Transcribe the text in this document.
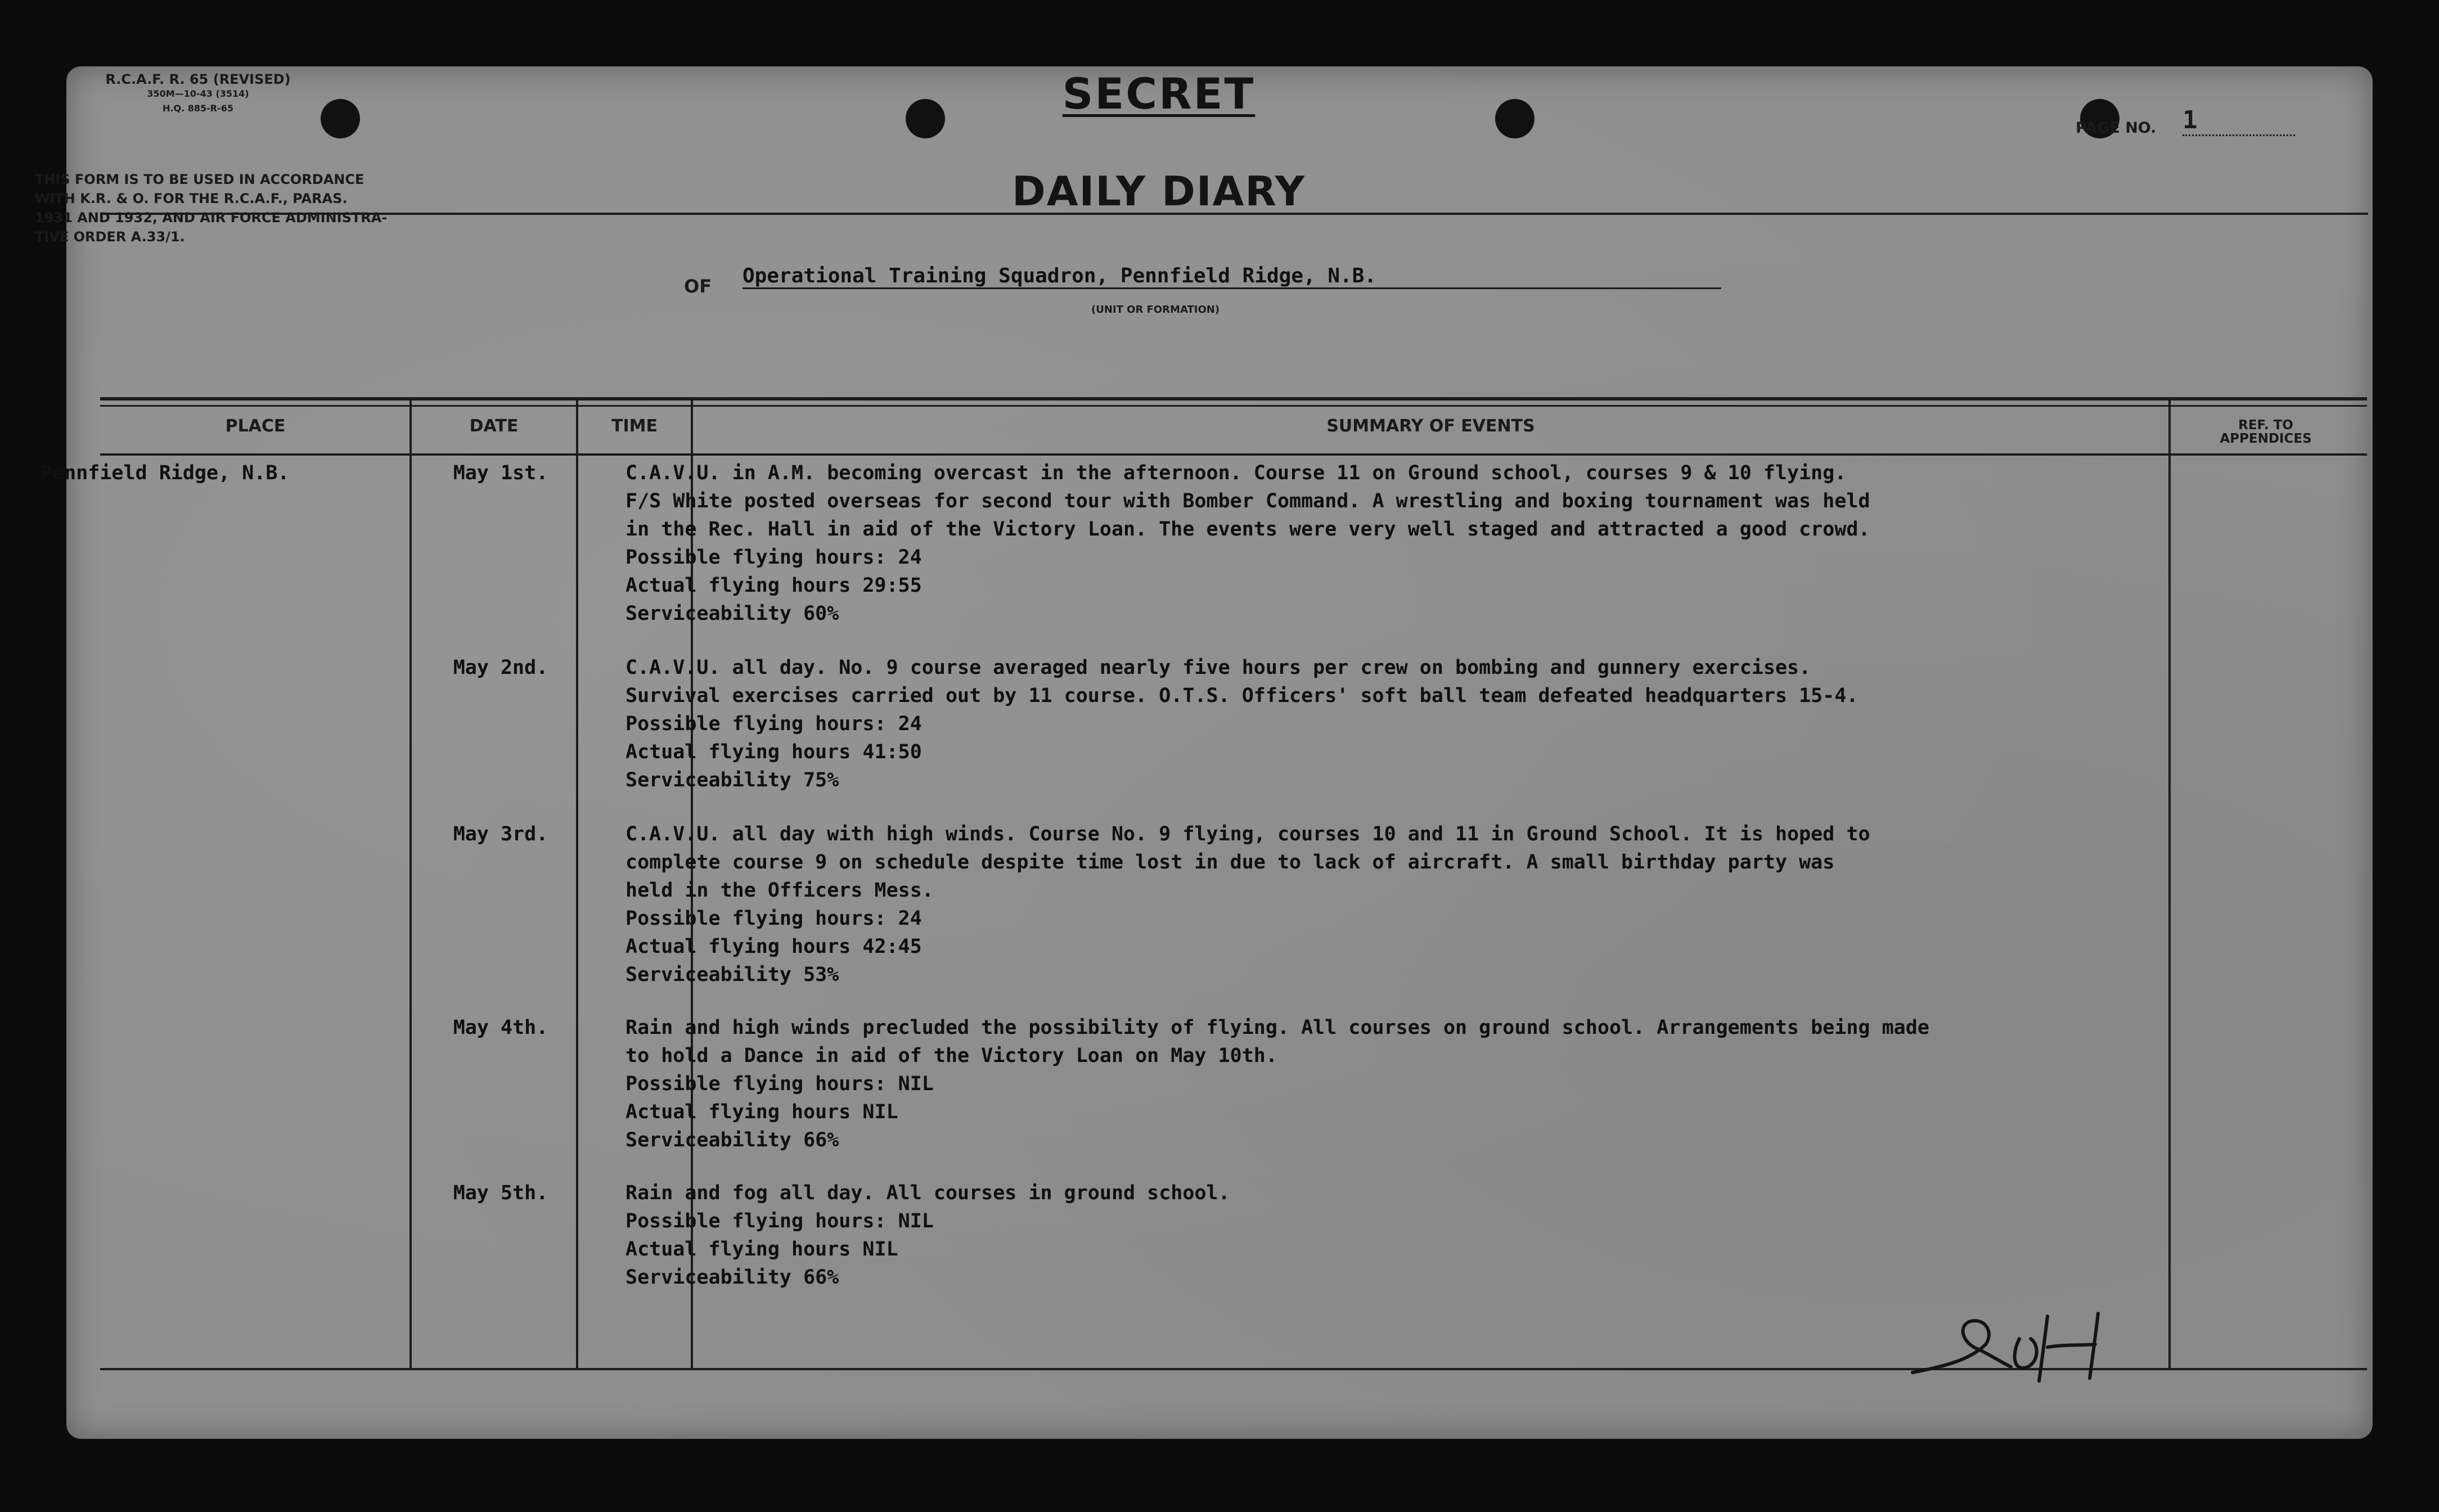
R.C.A.F. R. 65 (REVISED)
350M—10-43 (3514)
H.Q. 885-R-65	SECRET
PAGE NO. 1
THIS FORM IS TO BE USED IN ACCORDANCE
WITH K.R. & O. FOR THE R.C.A.F., PARAS.
1931 AND 1932, AND AIR FORCE ADMINISTRA-
TIVE ORDER A.33/1.
DAILY DIARY
OF Operational Training Squadron, Pennfield Ridge, N.B.
(UNIT OR FORMATION)
PLACE	DATE	TIME	SUMMARY OF EVENTS	REF. TO
APPENDICES
Pennfield Ridge, N.B.	May 1st.	C.A.V.U. in A.M. becoming overcast in the afternoon. Course 11 on Ground school, courses 9 & 10 flying.
F/S White posted overseas for second tour with Bomber Command. A wrestling and boxing tournament was held
in the Rec. Hall in aid of the Victory Loan. The events were very well staged and attracted a good crowd.
Possible flying hours: 24
Actual flying hours 29:55
Serviceability 60%
May 2nd.	C.A.V.U. all day. No. 9 course averaged nearly five hours per crew on bombing and gunnery exercises.
Survival exercises carried out by 11 course. O.T.S. Officers' soft ball team defeated headquarters 15-4.
Possible flying hours: 24
Actual flying hours 41:50
Serviceability 75%
May 3rd.	C.A.V.U. all day with high winds. Course No. 9 flying, courses 10 and 11 in Ground School. It is hoped to
complete course 9 on schedule despite time lost in due to lack of aircraft. A small birthday party was
held in the Officers Mess.
Possible flying hours: 24
Actual flying hours 42:45
Serviceability 53%
May 4th.	Rain and high winds precluded the possibility of flying. All courses on ground school. Arrangements being made
to hold a Dance in aid of the Victory Loan on May 10th.
Possible flying hours: NIL
Actual flying hours NIL
Serviceability 66%
May 5th.	Rain and fog all day. All courses in ground school.
Possible flying hours: NIL
Actual flying hours NIL
Serviceability 66%
